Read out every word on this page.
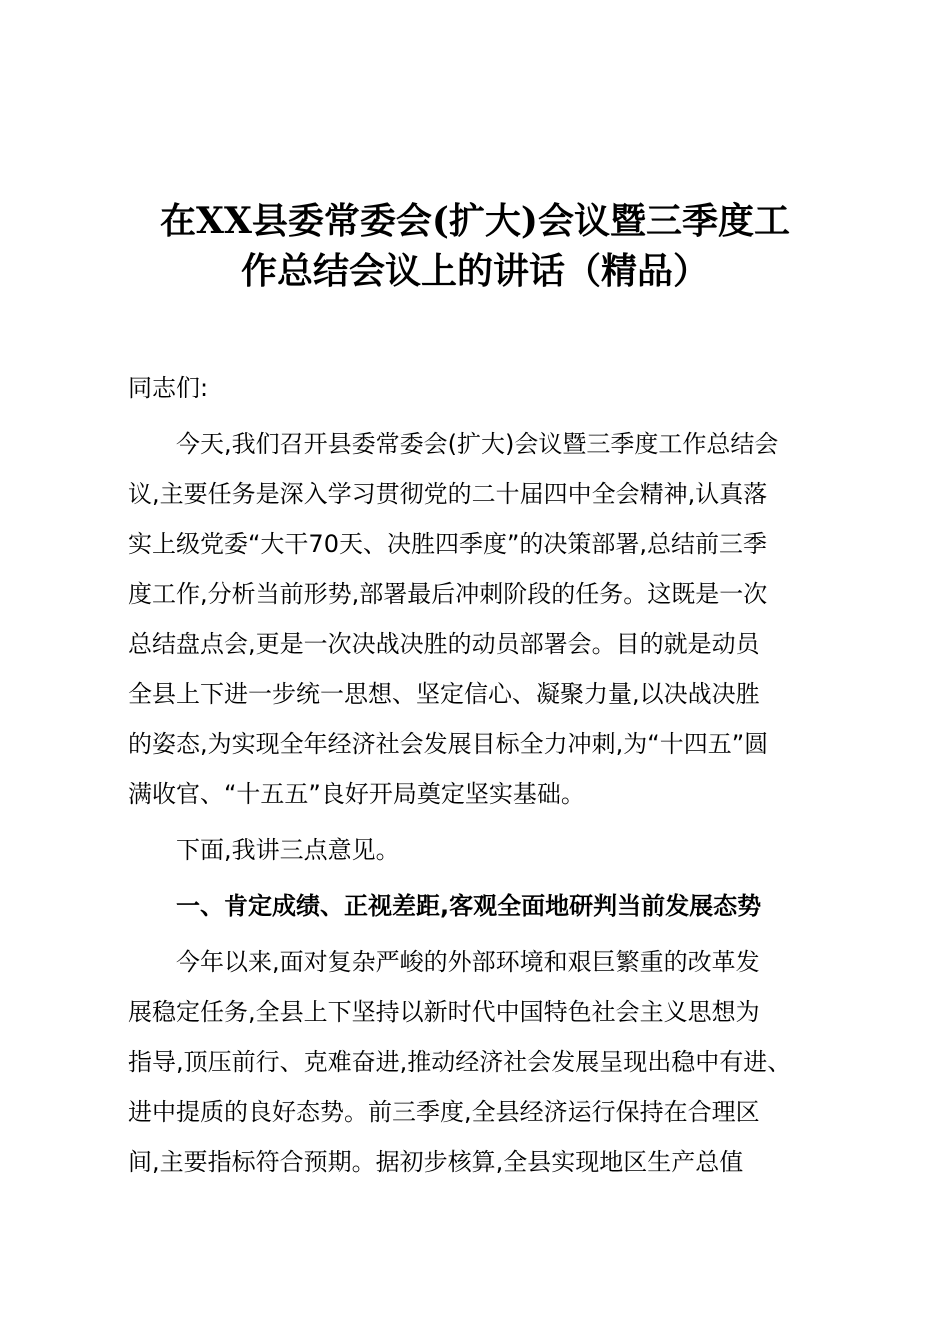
在XX县委常委会(扩大)会议暨三季度工
作总结会议上的讲话（精品）
同志们:
今天,我们召开县委常委会(扩大)会议暨三季度工作总结会
议,主要任务是深入学习贯彻党的二十届四中全会精神,认真落
实上级党委“大干70天、决胜四季度”的决策部署,总结前三季
度工作,分析当前形势,部署最后冲刺阶段的任务。这既是一次
总结盘点会,更是一次决战决胜的动员部署会。目的就是动员
全县上下进一步统一思想、坚定信心、凝聚力量,以决战决胜
的姿态,为实现全年经济社会发展目标全力冲刺,为“十四五”圆
满收官、“十五五”良好开局奠定坚实基础。
下面,我讲三点意见。
一、肯定成绩、正视差距,客观全面地研判当前发展态势
今年以来,面对复杂严峻的外部环境和艰巨繁重的改革发
展稳定任务,全县上下坚持以新时代中国特色社会主义思想为
指导,顶压前行、克难奋进,推动经济社会发展呈现出稳中有进、
进中提质的良好态势。前三季度,全县经济运行保持在合理区
间,主要指标符合预期。据初步核算,全县实现地区生产总值
